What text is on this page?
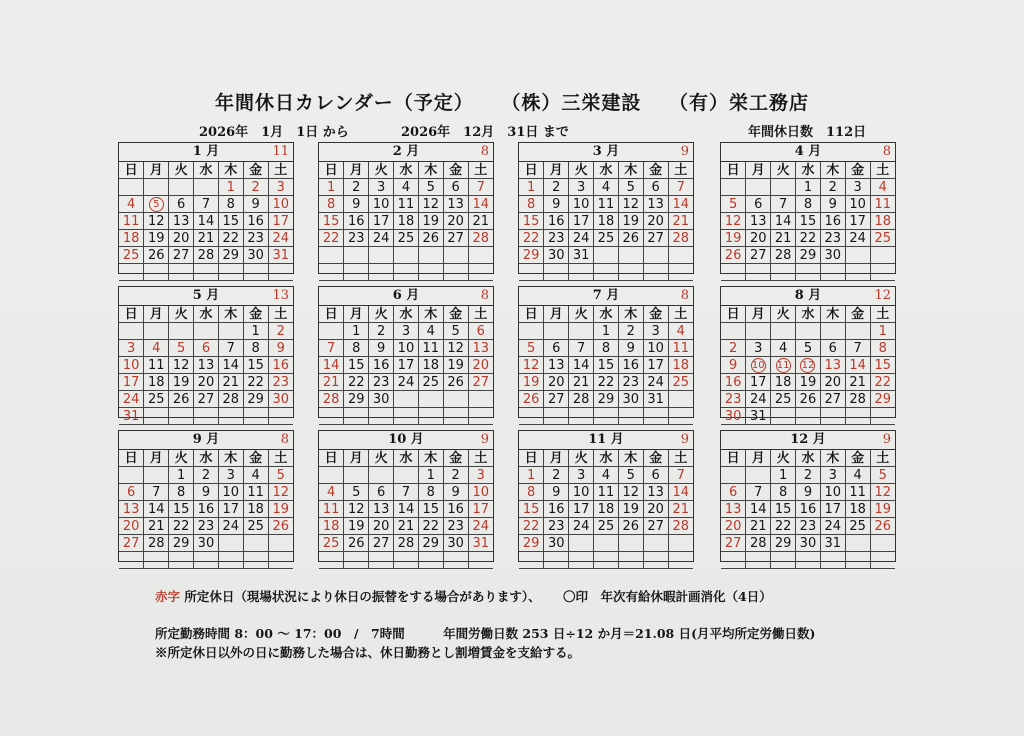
年間休日カレンダー（予定） （株）三栄建設 （有）栄工務店
2026年　1月　1日 から	2026年　12月　31日 まで	年間休日数　112日
1 月	11
日	月	火	水	木	金	土
				1	2	3
4	5	6	7	8	9	10
11	12	13	14	15	16	17
18	19	20	21	22	23	24
25	26	27	28	29	30	31

2 月	8
日	月	火	水	木	金	土
1	2	3	4	5	6	7
8	9	10	11	12	13	14
15	16	17	18	19	20	21
22	23	24	25	26	27	28

3 月	9
日	月	火	水	木	金	土
1	2	3	4	5	6	7
8	9	10	11	12	13	14
15	16	17	18	19	20	21
22	23	24	25	26	27	28
29	30	31				

4 月	8
日	月	火	水	木	金	土
			1	2	3	4
5	6	7	8	9	10	11
12	13	14	15	16	17	18
19	20	21	22	23	24	25
26	27	28	29	30		

5 月	13
日	月	火	水	木	金	土
					1	2
3	4	5	6	7	8	9
10	11	12	13	14	15	16
17	18	19	20	21	22	23
24	25	26	27	28	29	30
31						
6 月	8
日	月	火	水	木	金	土
	1	2	3	4	5	6
7	8	9	10	11	12	13
14	15	16	17	18	19	20
21	22	23	24	25	26	27
28	29	30				

7 月	8
日	月	火	水	木	金	土
			1	2	3	4
5	6	7	8	9	10	11
12	13	14	15	16	17	18
19	20	21	22	23	24	25
26	27	28	29	30	31	

8 月	12
日	月	火	水	木	金	土
						1
2	3	4	5	6	7	8
9	10	11	12	13	14	15
16	17	18	19	20	21	22
23	24	25	26	27	28	29
30	31					
9 月	8
日	月	火	水	木	金	土
		1	2	3	4	5
6	7	8	9	10	11	12
13	14	15	16	17	18	19
20	21	22	23	24	25	26
27	28	29	30			

10 月	9
日	月	火	水	木	金	土
				1	2	3
4	5	6	7	8	9	10
11	12	13	14	15	16	17
18	19	20	21	22	23	24
25	26	27	28	29	30	31

11 月	9
日	月	火	水	木	金	土
1	2	3	4	5	6	7
8	9	10	11	12	13	14
15	16	17	18	19	20	21
22	23	24	25	26	27	28
29	30					

12 月	9
日	月	火	水	木	金	土
		1	2	3	4	5
6	7	8	9	10	11	12
13	14	15	16	17	18	19
20	21	22	23	24	25	26
27	28	29	30	31		

赤字 所定休日（現場状況により休日の振替をする場合があります）、 〇印　年次有給休暇計画消化（4日）
所定勤務時間 8：00 ～ 17：00　/　7時間	年間労働日数 253 日÷12 か月＝21.08 日(月平均所定労働日数)
※所定休日以外の日に勤務した場合は、休日勤務とし割増賃金を支給する。
